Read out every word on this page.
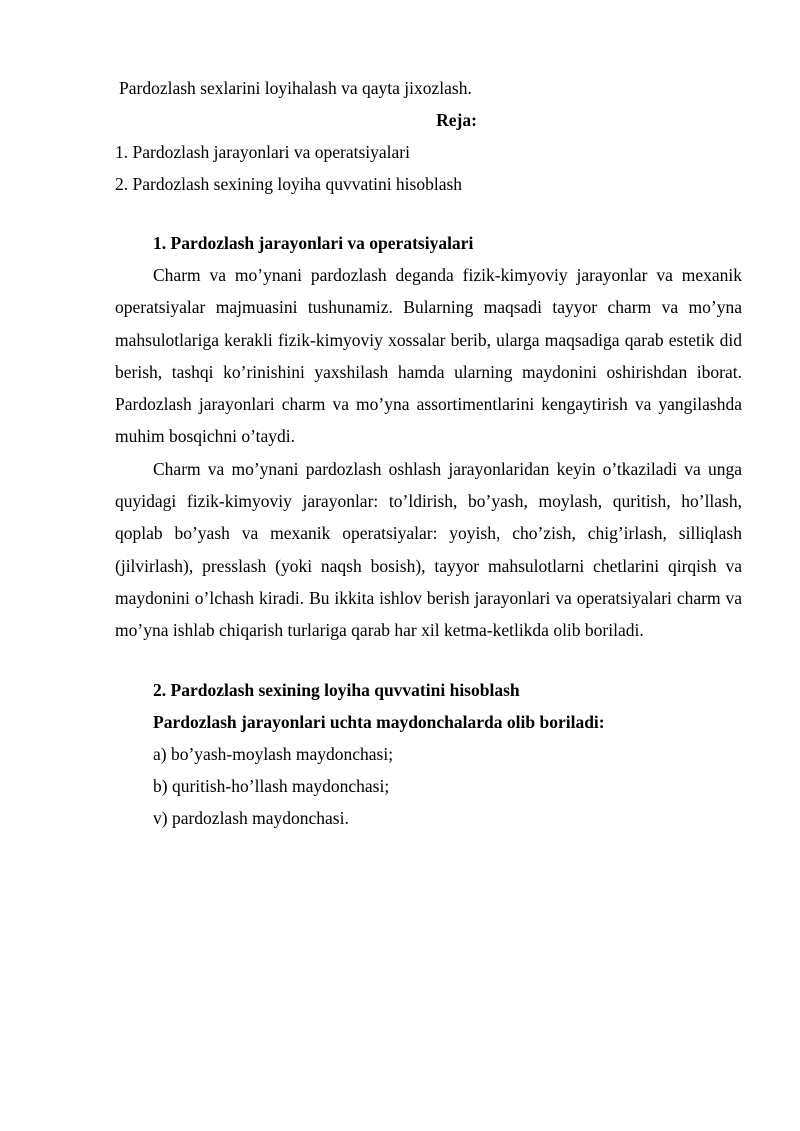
Pardozlash sexlarini loyihalash va qayta jixozlash.

Reja:

1. Pardozlash jarayonlari va operatsiyalari

2. Pardozlash sexining loyiha quvvatini hisoblash

1. Pardozlash jarayonlari va operatsiyalari

Charm va mo’ynani pardozlash deganda fizik-kimyoviy jarayonlar va mexanik operatsiyalar majmuasini tushunamiz. Bularning maqsadi tayyor charm va mo’yna mahsulotlariga kerakli fizik-kimyoviy xossalar berib, ularga maqsadiga qarab estetik did berish, tashqi ko’rinishini yaxshilash hamda ularning maydonini oshirishdan iborat. Pardozlash jarayonlari charm va mo’yna assortimentlarini kengaytirish va yangilashda muhim bosqichni o’taydi.

Charm va mo’ynani pardozlash oshlash jarayonlaridan keyin o’tkaziladi va unga quyidagi fizik-kimyoviy jarayonlar: to’ldirish, bo’yash, moylash, quritish, ho’llash, qoplab bo’yash va mexanik operatsiyalar: yoyish, cho’zish, chig’irlash, silliqlash (jilvirlash), presslash (yoki naqsh bosish), tayyor mahsulotlarni chetlarini qirqish va maydonini o’lchash kiradi. Bu ikkita ishlov berish jarayonlari va operatsiyalari charm va mo’yna ishlab chiqarish turlariga qarab har xil ketma-ketlikda olib boriladi.

2. Pardozlash sexining loyiha quvvatini hisoblash

Pardozlash jarayonlari uchta maydonchalarda olib boriladi:

a) bo’yash-moylash maydonchasi;

b) quritish-ho’llash maydonchasi;

v) pardozlash maydonchasi.
